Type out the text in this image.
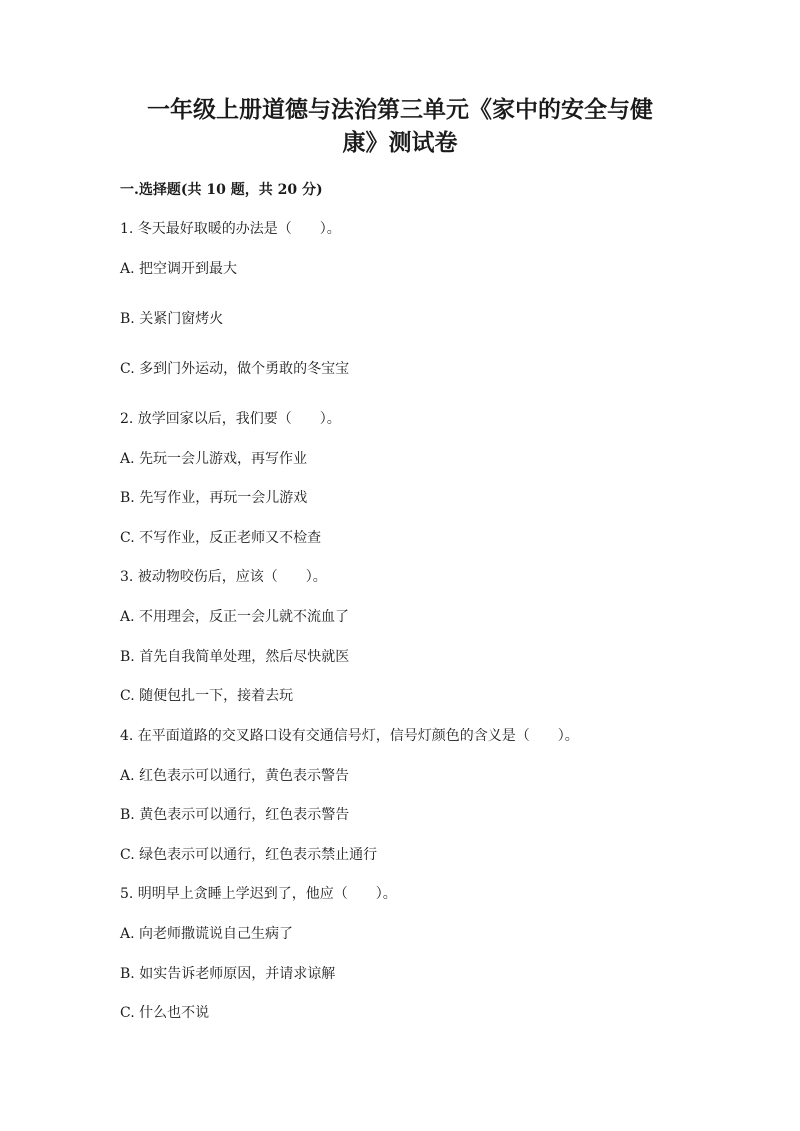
一年级上册道德与法治第三单元《家中的安全与健
康》测试卷
一.选择题(共 10 题，共 20 分)
1. 冬天最好取暖的办法是（　　）。
A. 把空调开到最大
B. 关紧门窗烤火
C. 多到门外运动，做个勇敢的冬宝宝
2. 放学回家以后，我们要（　　）。
A. 先玩一会儿游戏，再写作业
B. 先写作业，再玩一会儿游戏
C. 不写作业，反正老师又不检查
3. 被动物咬伤后，应该（　　）。
A. 不用理会，反正一会儿就不流血了
B. 首先自我简单处理，然后尽快就医
C. 随便包扎一下，接着去玩
4. 在平面道路的交叉路口设有交通信号灯，信号灯颜色的含义是（　　）。
A. 红色表示可以通行，黄色表示警告
B. 黄色表示可以通行，红色表示警告
C. 绿色表示可以通行，红色表示禁止通行
5. 明明早上贪睡上学迟到了，他应（　　）。
A. 向老师撒谎说自己生病了
B. 如实告诉老师原因，并请求谅解
C. 什么也不说
